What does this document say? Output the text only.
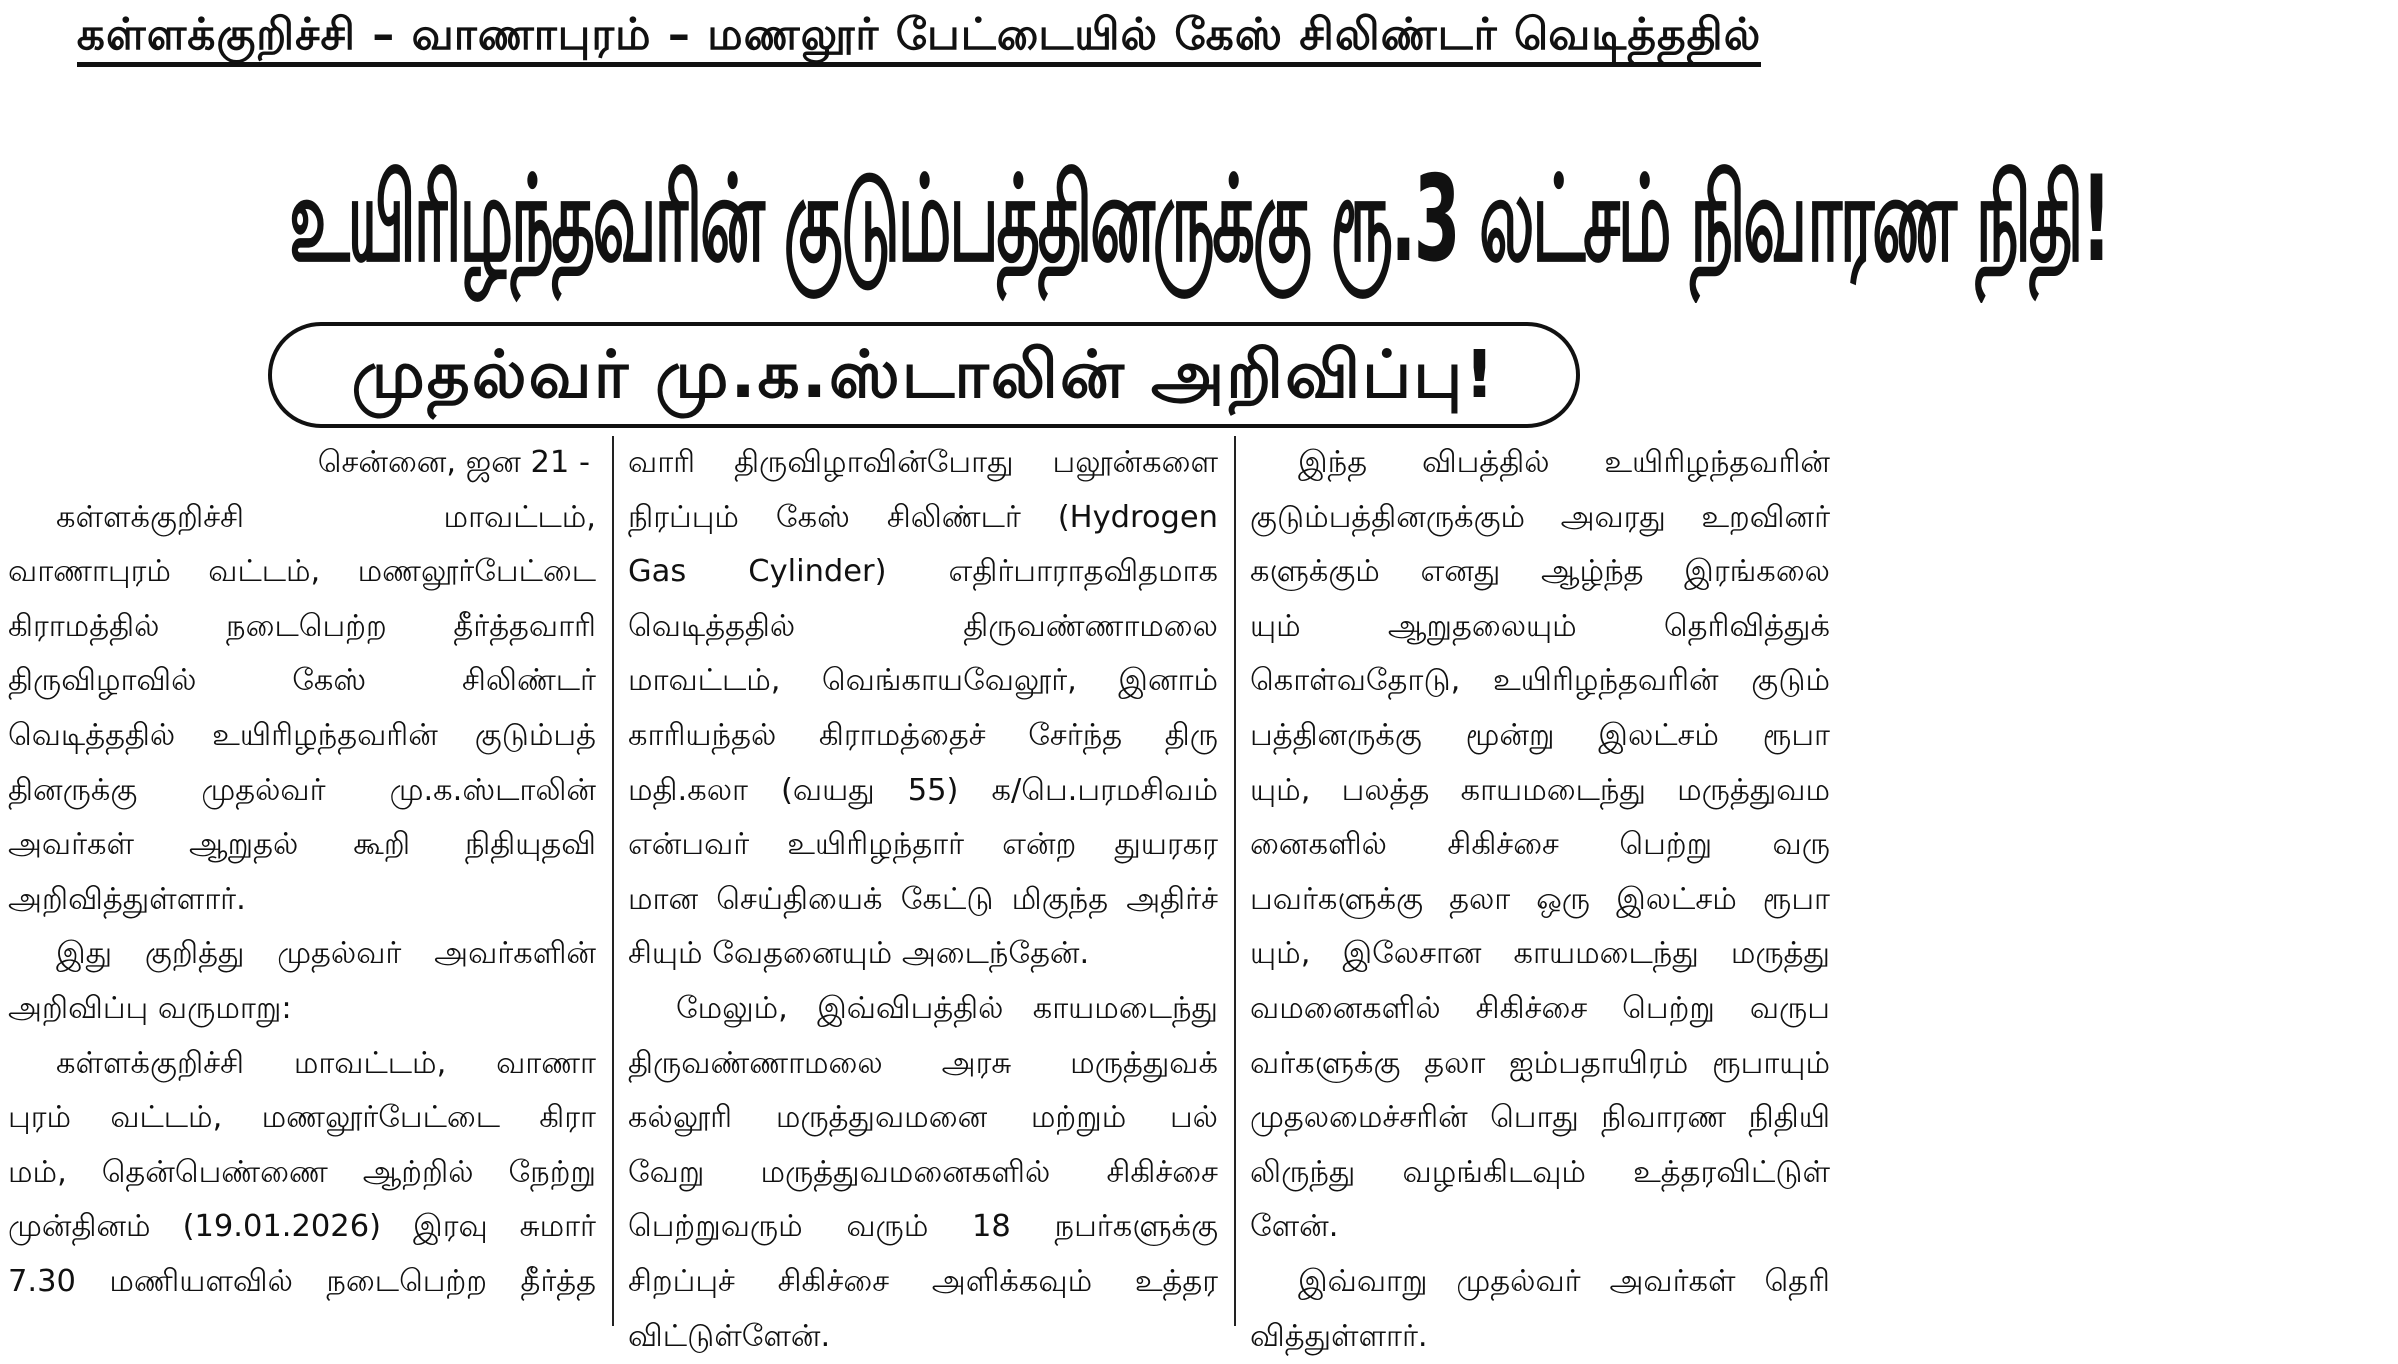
கள்ளக்குறிச்சி – வாணாபுரம் – மணலூர் பேட்டையில் கேஸ் சிலிண்டர் வெடித்ததில்
உயிரிழந்தவரின் குடும்பத்தினருக்கு ரூ.3 லட்சம் நிவாரண நிதி!
முதல்வர் மு.க.ஸ்டாலின் அறிவிப்பு!
சென்னை, ஜன 21 -
கள்ளக்குறிச்சி மாவட்டம்,
வாணாபுரம் வட்டம், மணலூர்பேட்டை
கிராமத்தில் நடைபெற்ற தீர்த்தவாரி
திருவிழாவில் கேஸ் சிலிண்டர்
வெடித்ததில் உயிரிழந்தவரின் குடும்பத்
தினருக்கு முதல்வர் மு.க.ஸ்டாலின்
அவர்கள் ஆறுதல் கூறி நிதியுதவி
அறிவித்துள்ளார்.
இது குறித்து முதல்வர் அவர்களின்
அறிவிப்பு வருமாறு:
கள்ளக்குறிச்சி மாவட்டம், வாணா
புரம் வட்டம், மணலூர்பேட்டை கிரா
மம், தென்பெண்ணை ஆற்றில் நேற்று
முன்தினம் (19.01.2026) இரவு சுமார்
7.30 மணியளவில் நடைபெற்ற தீர்த்த
வாரி திருவிழாவின்போது பலூன்களை
நிரப்பும் கேஸ் சிலிண்டர் (Hydrogen
Gas Cylinder) எதிர்பாராதவிதமாக
வெடித்ததில் திருவண்ணாமலை
மாவட்டம், வெங்காயவேலூர், இனாம்
காரியந்தல் கிராமத்தைச் சேர்ந்த திரு
மதி.கலா (வயது 55) க/பெ.பரமசிவம்
என்பவர் உயிரிழந்தார் என்ற துயரகர
மான செய்தியைக் கேட்டு மிகுந்த அதிர்ச்
சியும் வேதனையும் அடைந்தேன்.
மேலும், இவ்விபத்தில் காயமடைந்து
திருவண்ணாமலை அரசு மருத்துவக்
கல்லூரி மருத்துவமனை மற்றும் பல்
வேறு மருத்துவமனைகளில் சிகிச்சை
பெற்றுவரும் வரும் 18 நபர்களுக்கு
சிறப்புச் சிகிச்சை அளிக்கவும் உத்தர
விட்டுள்ளேன்.
இந்த விபத்தில் உயிரிழந்தவரின்
குடும்பத்தினருக்கும் அவரது உறவினர்
களுக்கும் எனது ஆழ்ந்த இரங்கலை
யும் ஆறுதலையும் தெரிவித்துக்
கொள்வதோடு, உயிரிழந்தவரின் குடும்
பத்தினருக்கு மூன்று இலட்சம் ரூபா
யும், பலத்த காயமடைந்து மருத்துவம
னைகளில் சிகிச்சை பெற்று வரு
பவர்களுக்கு தலா ஒரு இலட்சம் ரூபா
யும், இலேசான காயமடைந்து மருத்து
வமனைகளில் சிகிச்சை பெற்று வருப
வர்களுக்கு தலா ஐம்பதாயிரம் ரூபாயும்
முதலமைச்சரின் பொது நிவாரண நிதியி
லிருந்து வழங்கிடவும் உத்தரவிட்டுள்
ளேன்.
இவ்வாறு முதல்வர் அவர்கள் தெரி
வித்துள்ளார்.
